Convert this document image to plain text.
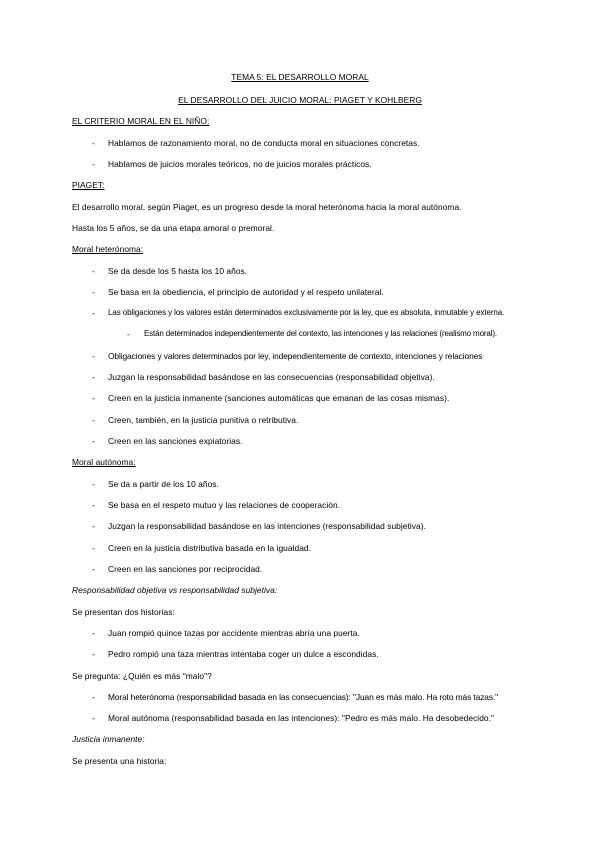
TEMA 5: EL DESARROLLO MORAL
EL DESARROLLO DEL JUICIO MORAL: PIAGET Y KOHLBERG
EL CRITERIO MORAL EN EL NIÑO:
- Hablamos de razonamiento moral, no de conducta moral en situaciones concretas.
- Hablamos de juicios morales teóricos, no de juicios morales prácticos.
PIAGET:
El desarrollo moral, según Piaget, es un progreso desde la moral heterónoma hacia la moral autónoma.
Hasta los 5 años, se da una etapa amoral o premoral.
Moral heterónoma:
- Se da desde los 5 hasta los 10 años.
- Se basa en la obediencia, el principio de autoridad y el respeto unilateral.
- Las obligaciones y los valores están determinados exclusivamente por la ley, que es absoluta, inmutable y externa.
- Están determinados independientemente del contexto, las intenciones y las relaciones (realismo moral).
- Obligaciones y valores determinados por ley, independientemente de contexto, intenciones y relaciones
- Juzgan la responsabilidad basándose en las consecuencias (responsabilidad objetiva).
- Creen en la justicia inmanente (sanciones automáticas que emanan de las cosas mismas).
- Creen, también, en la justicia punitiva o retributiva.
- Creen en las sanciones expiatorias.
Moral autónoma:
- Se da a partir de los 10 años.
- Se basa en el respeto mutuo y las relaciones de cooperación.
- Juzgan la responsabilidad basándose en las intenciones (responsabilidad subjetiva).
- Creen en la justicia distributiva basada en la igualdad.
- Creen en las sanciones por reciprocidad.
Responsabilidad objetiva vs responsabilidad subjetiva:
Se presentan dos historias:
- Juan rompió quince tazas por accidente mientras abría una puerta.
- Pedro rompió una taza mientras intentaba coger un dulce a escondidas.
Se pregunta: ¿Quién es más "malo"?
- Moral heterónoma (responsabilidad basada en las consecuencias): "Juan es más malo. Ha roto más tazas."
- Moral autónoma (responsabilidad basada en las intenciones): "Pedro es más malo. Ha desobedecido."
Justicia inmanente:
Se presenta una historia:
